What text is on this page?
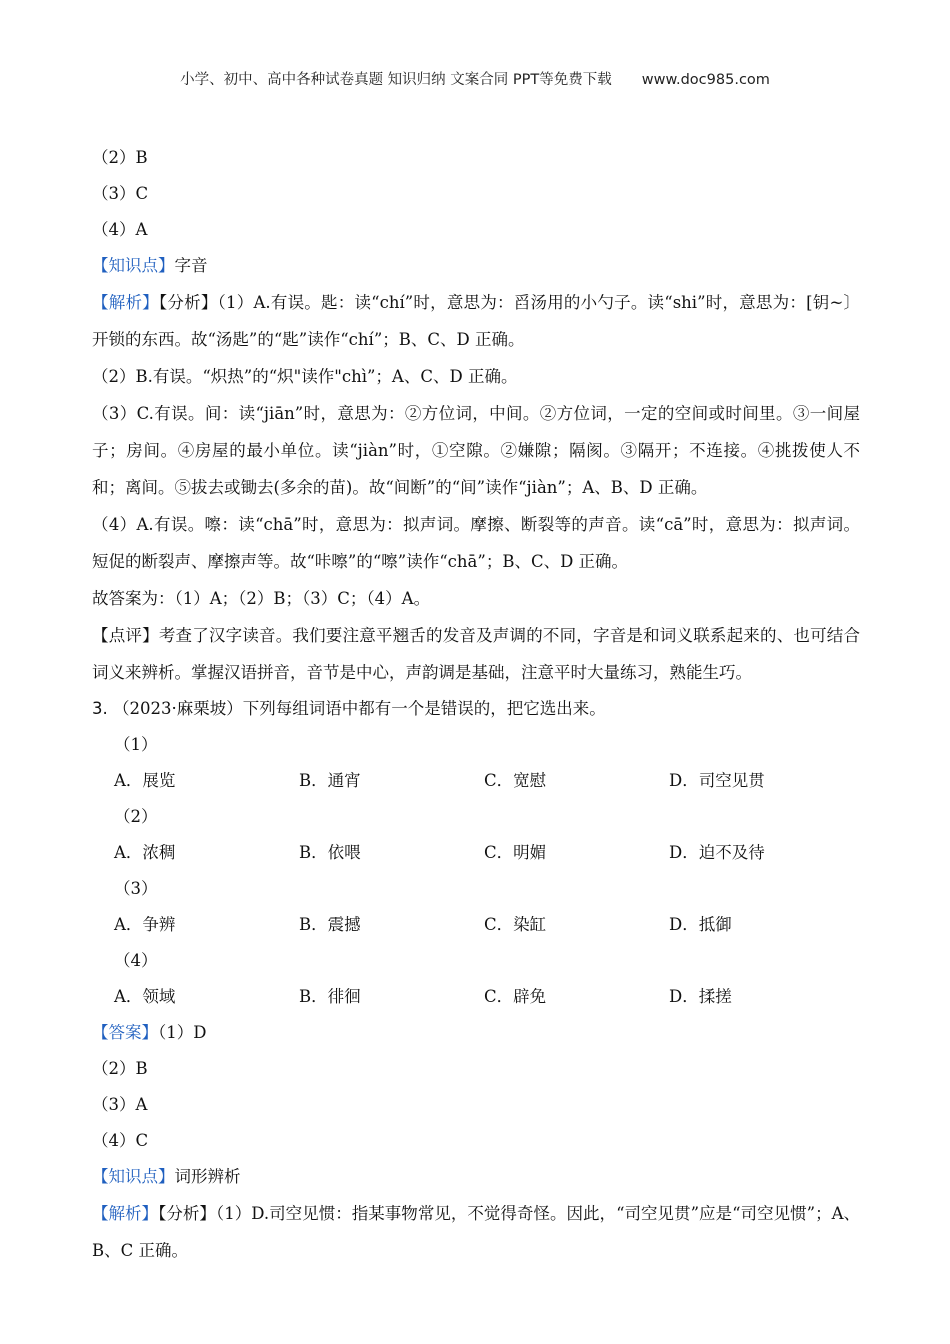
小学、初中、高中各种试卷真题 知识归纳 文案合同 PPT等免费下载 www.doc985.com
（2）B
（3）C
（4）A
【知识点】字音
【解析】【分析】（1）A.有误。匙：读“chí”时，意思为：舀汤用的小勺子。读“shi”时，意思为：[钥~〕开锁的东西。故“汤匙”的“匙”读作“chí”；B、C、D 正确。
（2）B.有误。“炽热”的“炽"读作"chì”；A、C、D 正确。
（3）C.有误。间：读“jiān”时，意思为：②方位词，中间。②方位词，一定的空间或时间里。③一间屋子；房间。④房屋的最小单位。读“jiàn”时，①空隙。②嫌隙；隔阂。③隔开；不连接。④挑拨使人不和；离间。⑤拔去或锄去(多余的苗)。故“间断”的“间”读作“jiàn”；A、B、D 正确。
（4）A.有误。嚓：读“chā”时，意思为：拟声词。摩擦、断裂等的声音。读“cā”时，意思为：拟声词。短促的断裂声、摩擦声等。故“咔嚓”的“嚓”读作“chā”；B、C、D 正确。
故答案为：（1）A；（2）B；（3）C；（4）A。
【点评】考查了汉字读音。我们要注意平翘舌的发音及声调的不同，字音是和词义联系起来的、也可结合词义来辨析。掌握汉语拼音，音节是中心，声韵调是基础，注意平时大量练习，熟能生巧。
3. （2023·麻栗坡）下列每组词语中都有一个是错误的，把它选出来。
（1）
A．展览	B．通宵	C．宽慰	D．司空见贯
（2）
A．浓稠	B．依喂	C．明媚	D．迫不及待
（3）
A．争辨	B．震撼	C．染缸	D．抵御
（4）
A．领域	B．徘徊	C．辟免	D．揉搓
【答案】（1）D
（2）B
（3）A
（4）C
【知识点】词形辨析
【解析】【分析】（1）D.司空见惯：指某事物常见，不觉得奇怪。因此，“司空见贯”应是“司空见惯”；A、B、C 正确。
